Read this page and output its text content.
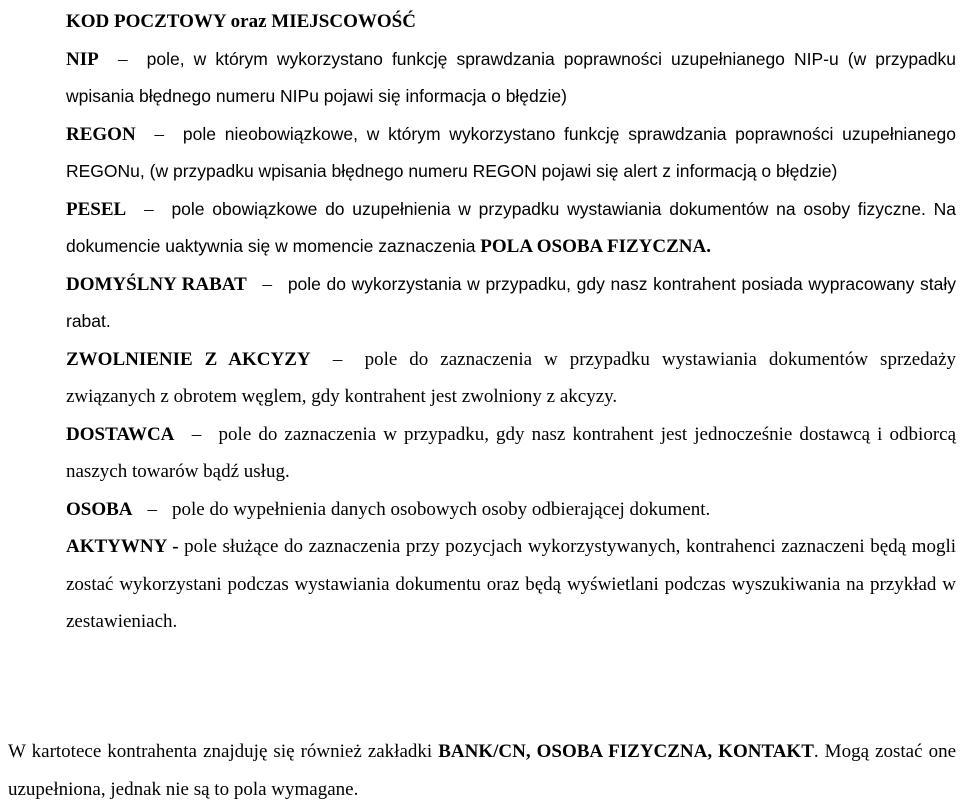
KOD POCZTOWY oraz MIEJSCOWOŚĆ

NIP – pole, w którym wykorzystano funkcję sprawdzania poprawności uzupełnianego NIP-u (w przypadku wpisania błędnego numeru NIPu pojawi się informacja o błędzie)

REGON – pole nieobowiązkowe, w którym wykorzystano funkcję sprawdzania poprawności uzupełnianego REGONu, (w przypadku wpisania błędnego numeru REGON pojawi się alert z informacją o błędzie)

PESEL – pole obowiązkowe do uzupełnienia w przypadku wystawiania dokumentów na osoby fizyczne. Na dokumencie uaktywnia się w momencie zaznaczenia POLA OSOBA FIZYCZNA.

DOMYŚLNY RABAT – pole do wykorzystania w przypadku, gdy nasz kontrahent posiada wypracowany stały rabat.

ZWOLNIENIE Z AKCYZY – pole do zaznaczenia w przypadku wystawiania dokumentów sprzedaży związanych z obrotem węglem, gdy kontrahent jest zwolniony z akcyzy.

DOSTAWCA – pole do zaznaczenia w przypadku, gdy nasz kontrahent jest jednocześnie dostawcą i odbiorcą naszych towarów bądź usług.

OSOBA – pole do wypełnienia danych osobowych osoby odbierającej dokument.

AKTYWNY - pole służące do zaznaczenia przy pozycjach wykorzystywanych, kontrahenci zaznaczeni będą mogli zostać wykorzystani podczas wystawiania dokumentu oraz będą wyświetlani podczas wyszukiwania na przykład w zestawieniach.

W kartotece kontrahenta znajduję się również zakładki BANK/CN, OSOBA FIZYCZNA, KONTAKT. Mogą zostać one uzupełniona, jednak nie są to pola wymagane.
